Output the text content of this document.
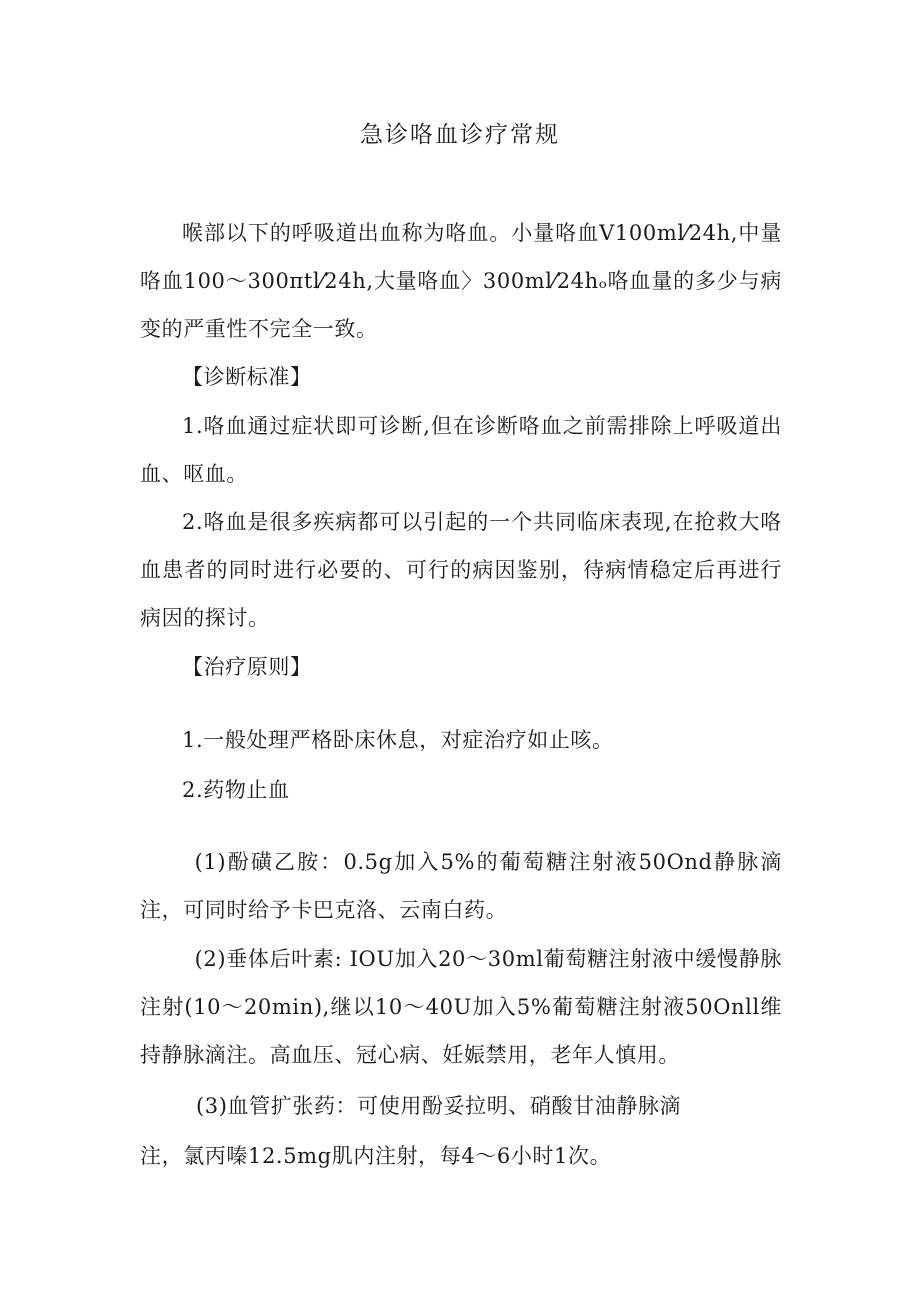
急诊咯血诊疗常规

喉部以下的呼吸道出血称为咯血。小量咯血V100ml⁄24h,中量咯血100～300πtl⁄24h,大量咯血〉300ml⁄24hₒ咯血量的多少与病变的严重性不完全一致。

【诊断标准】

1.咯血通过症状即可诊断,但在诊断咯血之前需排除上呼吸道出血、呕血。

2.咯血是很多疾病都可以引起的一个共同临床表现,在抢救大咯血患者的同时进行必要的、可行的病因鉴别，待病情稳定后再进行病因的探讨。

【治疗原则】

1.一般处理严格卧床休息，对症治疗如止咳。

2.药物止血

(1)酚磺乙胺：0.5g加入5%的葡萄糖注射液50Ond静脉滴注，可同时给予卡巴克洛、云南白药。

(2)垂体后叶素: IOU加入20～30ml葡萄糖注射液中缓慢静脉注射(10～20min),继以10～40U加入5%葡萄糖注射液50Onll维持静脉滴注。高血压、冠心病、妊娠禁用，老年人慎用。

(3)血管扩张药：可使用酚妥拉明、硝酸甘油静脉滴
注，氯丙嗪12.5mg肌内注射，每4～6小时1次。
